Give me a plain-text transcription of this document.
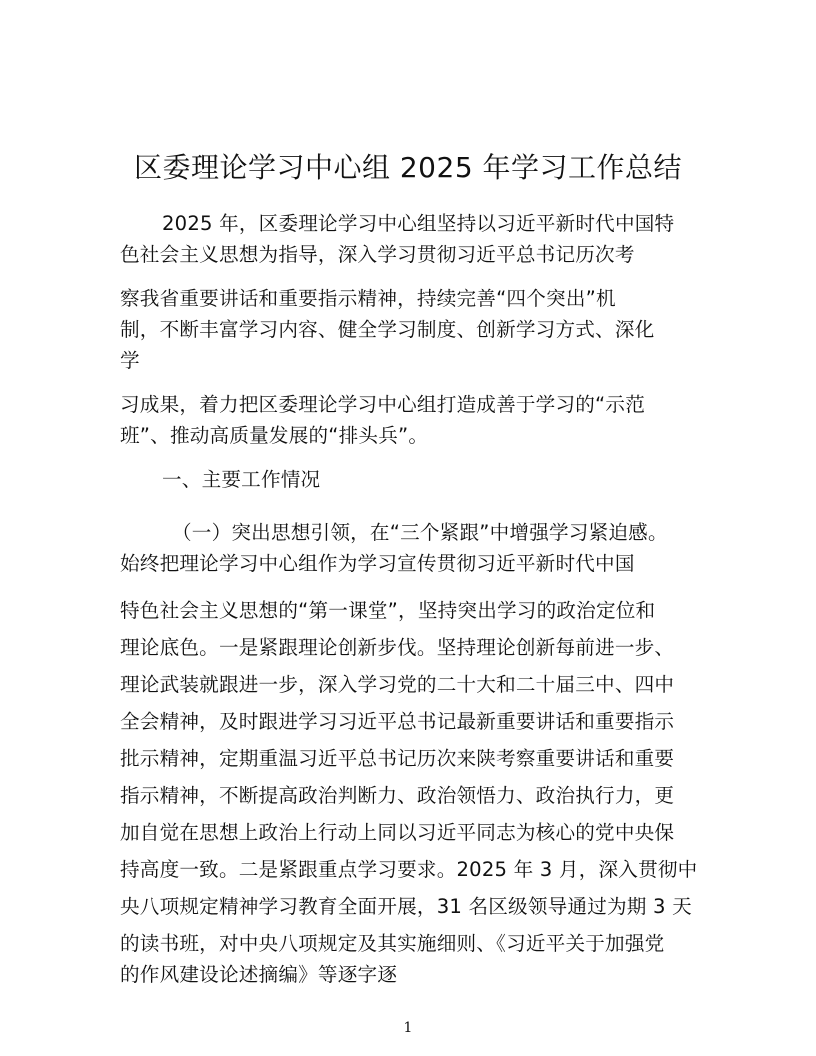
区委理论学习中心组 2025 年学习工作总结
2025 年，区委理论学习中心组坚持以习近平新时代中国特
色社会主义思想为指导，深入学习贯彻习近平总书记历次考
察我省重要讲话和重要指示精神，持续完善“四个突出”机
制，不断丰富学习内容、健全学习制度、创新学习方式、深化
学
习成果，着力把区委理论学习中心组打造成善于学习的“示范
班”、推动高质量发展的“排头兵”。
一、主要工作情况
（一）突出思想引领，在“三个紧跟”中增强学习紧迫感。
始终把理论学习中心组作为学习宣传贯彻习近平新时代中国
特色社会主义思想的“第一课堂”，坚持突出学习的政治定位和
理论底色。一是紧跟理论创新步伐。坚持理论创新每前进一步、
理论武装就跟进一步，深入学习党的二十大和二十届三中、四中
全会精神，及时跟进学习习近平总书记最新重要讲话和重要指示
批示精神，定期重温习近平总书记历次来陕考察重要讲话和重要
指示精神，不断提高政治判断力、政治领悟力、政治执行力，更
加自觉在思想上政治上行动上同以习近平同志为核心的党中央保
持高度一致。二是紧跟重点学习要求。2025 年 3 月，深入贯彻中
央八项规定精神学习教育全面开展，31 名区级领导通过为期 3 天
的读书班，对中央八项规定及其实施细则、《习近平关于加强党
的作风建设论述摘编》等逐字逐
1
